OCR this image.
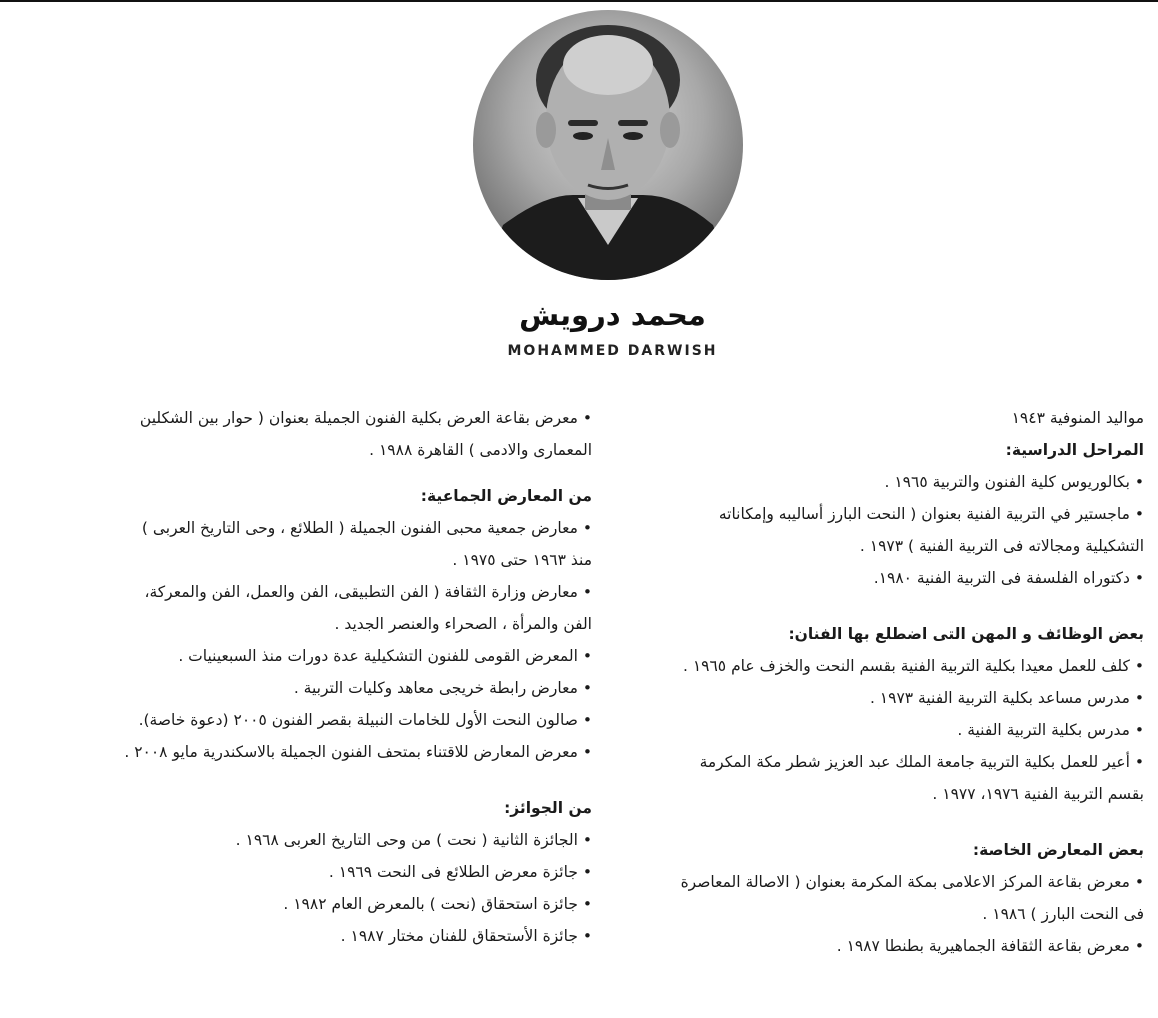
محمد درويش
MOHAMMED DARWISH
مواليد المنوفية ١٩٤٣
المراحل الدراسية:
• بكالوريوس كلية الفنون والتربية ١٩٦٥ .
• ماجستير في التربية الفنية بعنوان ( النحت البارز أساليبه وإمكاناته
التشكيلية ومجالاته فى التربية الفنية ) ١٩٧٣ .
• دكتوراه الفلسفة فى التربية الفنية ١٩٨٠.
بعض الوظائف و المهن التى اضطلع بها الفنان:
• كلف للعمل معيدا بكلية التربية الفنية بقسم النحت والخزف عام ١٩٦٥ .
• مدرس مساعد بكلية التربية الفنية ١٩٧٣ .
• مدرس بكلية التربية الفنية .
• أعير للعمل بكلية التربية جامعة الملك عبد العزيز شطر مكة المكرمة
بقسم التربية الفنية ١٩٧٦، ١٩٧٧ .
بعض المعارض الخاصة:
• معرض بقاعة المركز الاعلامى بمكة المكرمة بعنوان ( الاصالة المعاصرة
فى النحت البارز ) ١٩٨٦ .
• معرض بقاعة الثقافة الجماهيرية بطنطا ١٩٨٧ .
• معرض بقاعة العرض بكلية الفنون الجميلة بعنوان ( حوار بين الشكلين
المعمارى والادمى ) القاهرة ١٩٨٨ .
من المعارض الجماعية:
• معارض جمعية محبى الفنون الجميلة ( الطلائع ، وحى التاريخ العربى )
منذ ١٩٦٣ حتى ١٩٧٥ .
• معارض وزارة الثقافة ( الفن التطبيقى، الفن والعمل، الفن والمعركة،
الفن والمرأة ، الصحراء والعنصر الجديد .
• المعرض القومى للفنون التشكيلية عدة دورات منذ السبعينيات .
• معارض رابطة خريجى معاهد وكليات التربية .
• صالون النحت الأول للخامات النبيلة بقصر الفنون ٢٠٠٥ (دعوة خاصة).
• معرض المعارض للاقتناء بمتحف الفنون الجميلة بالاسكندرية مايو ٢٠٠٨ .
من الجوائز:
• الجائزة الثانية ( نحت ) من وحى التاريخ العربى ١٩٦٨ .
• جائزة معرض الطلائع فى النحت ١٩٦٩ .
• جائزة استحقاق (نحت ) بالمعرض العام ١٩٨٢ .
• جائزة الأستحقاق للفنان مختار ١٩٨٧ .
